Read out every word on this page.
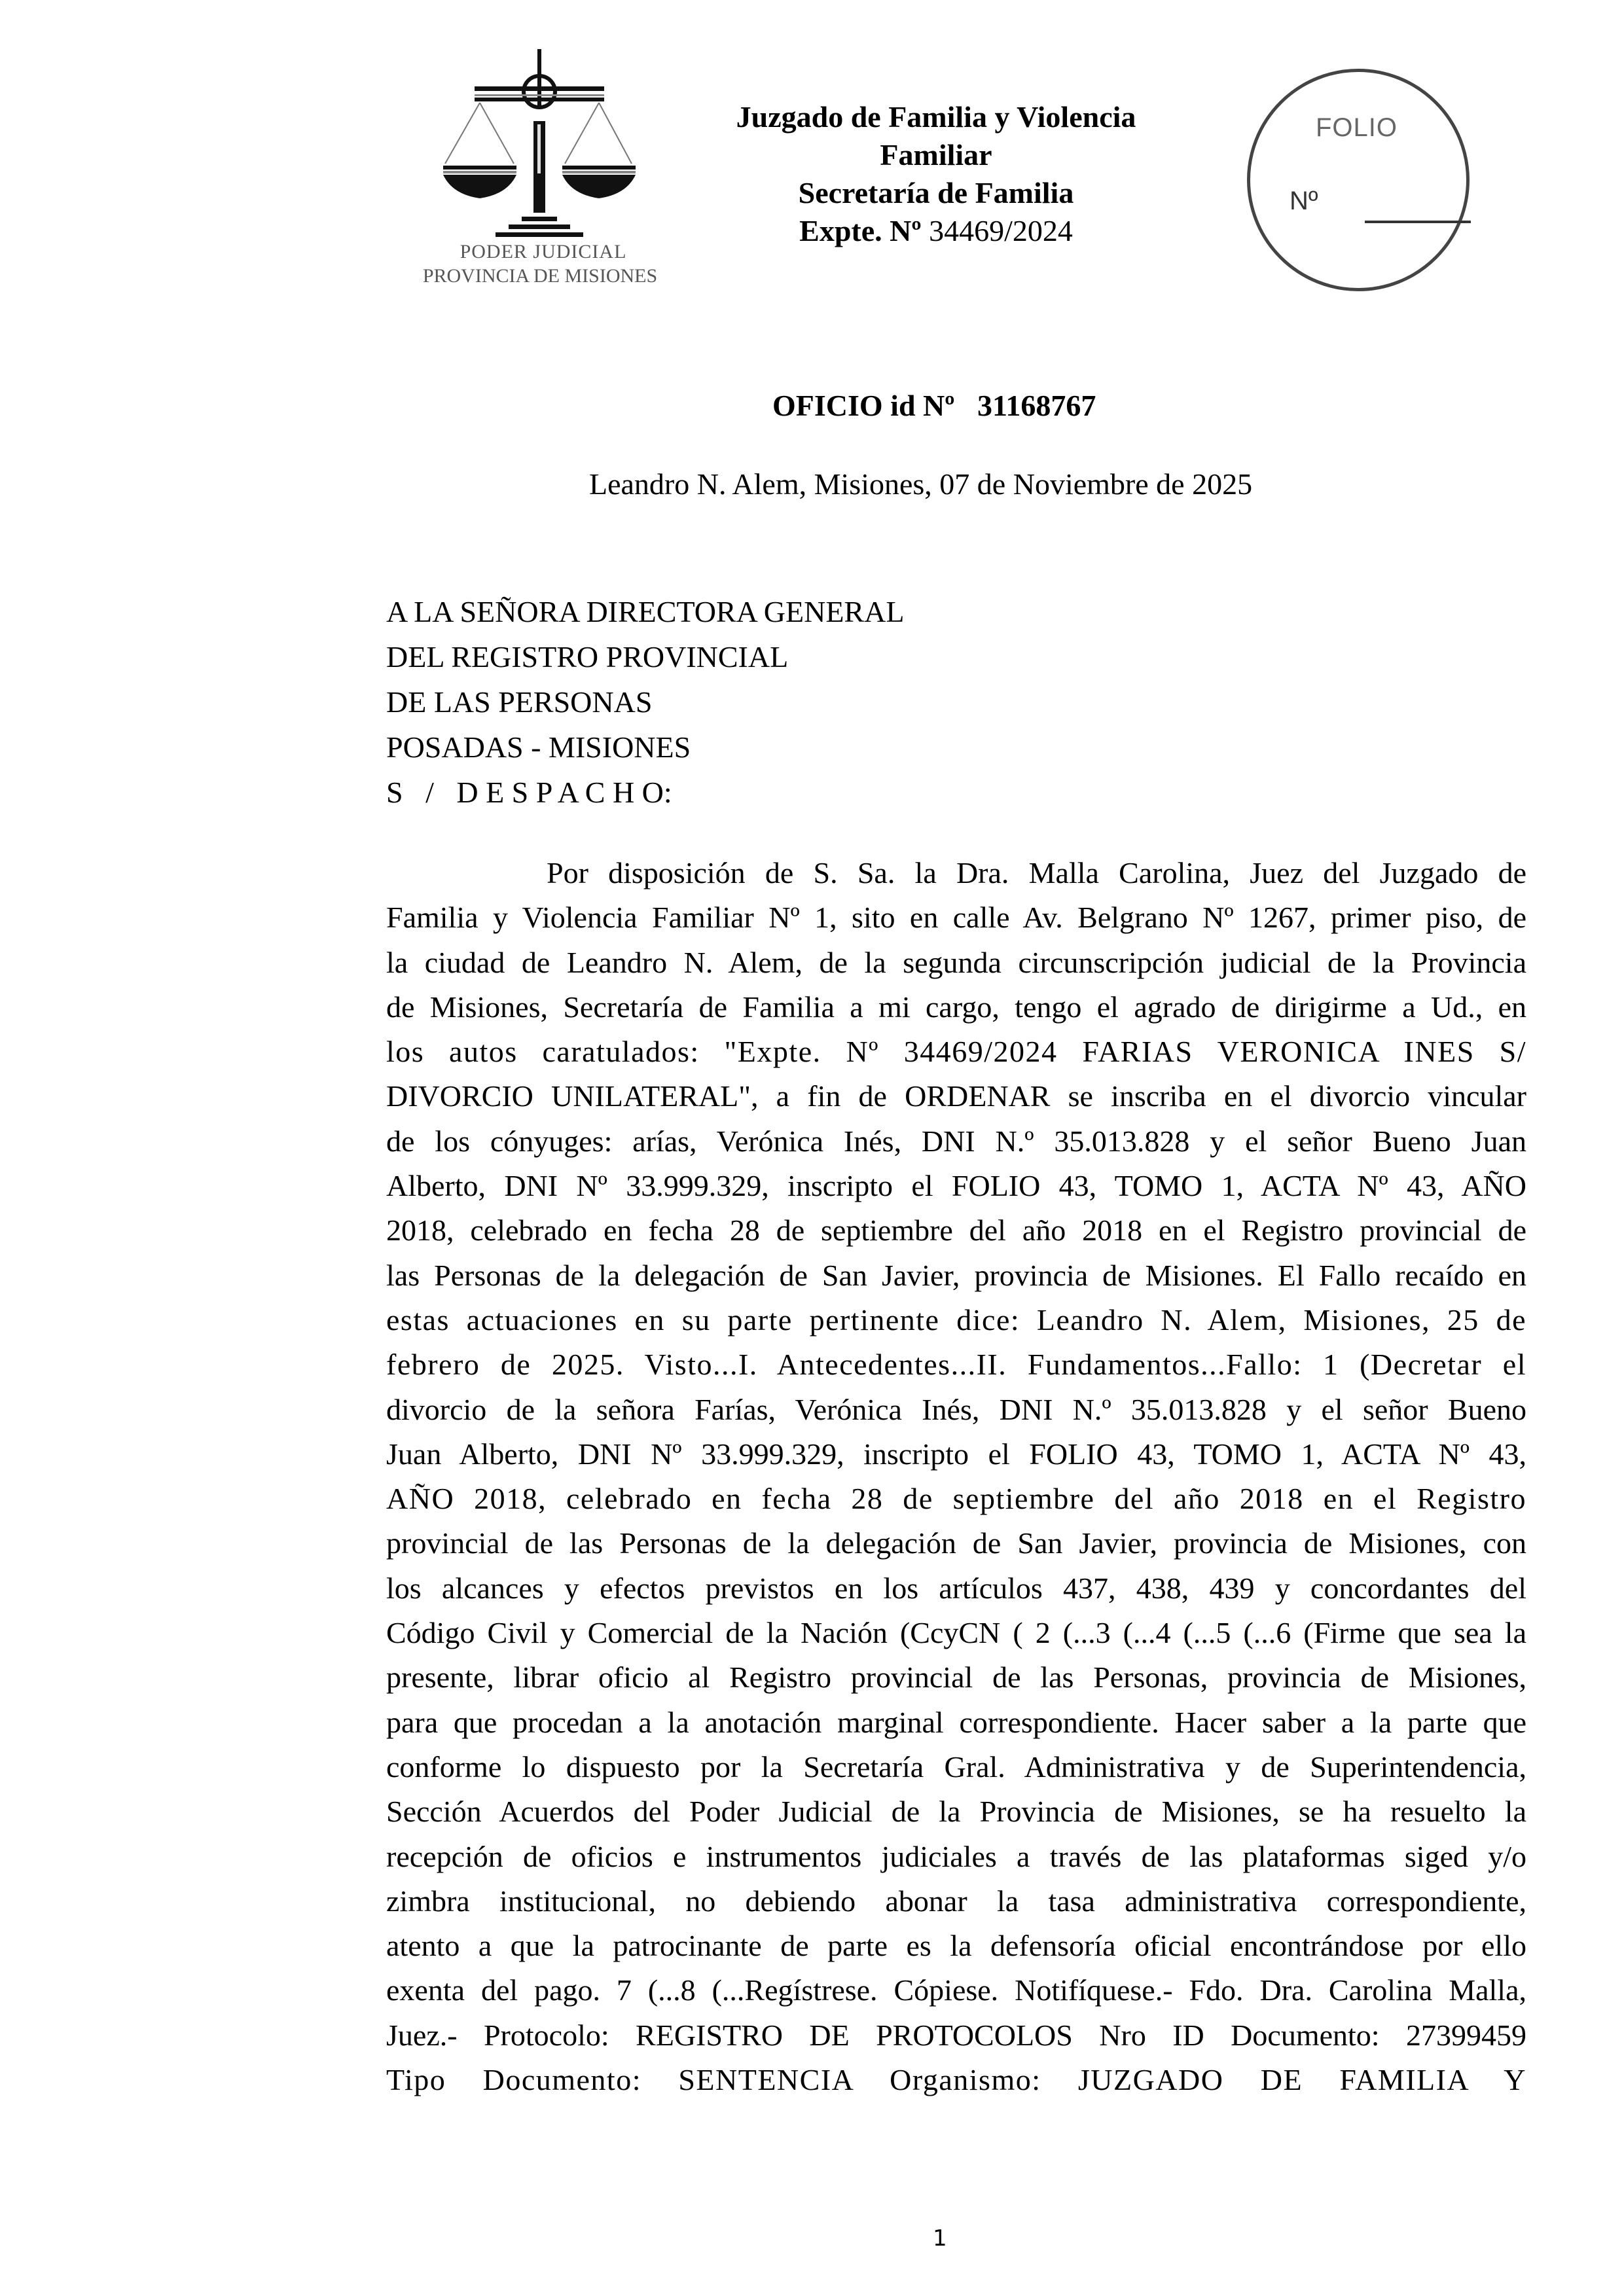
PODER JUDICIAL
PROVINCIA DE MISIONES
Juzgado de Familia y Violencia
Familiar
Secretaría de Familia
Expte. Nº 34469/2024
FOLIO
Nº
OFICIO id Nº 31168767
Leandro N. Alem, Misiones, 07 de Noviembre de 2025
A LA SEÑORA DIRECTORA GENERAL
DEL REGISTRO PROVINCIAL
DE LAS PERSONAS
POSADAS - MISIONES
S   /   D E S P A C H O:
Por disposición de S. Sa. la Dra. Malla Carolina, Juez del Juzgado de
Familia y Violencia Familiar Nº 1, sito en calle Av. Belgrano Nº 1267, primer piso, de
la ciudad de Leandro N. Alem, de la segunda circunscripción judicial de la Provincia
de Misiones, Secretaría de Familia a mi cargo, tengo el agrado de dirigirme a Ud., en
los autos caratulados: "Expte. Nº 34469/2024 FARIAS VERONICA INES S/
DIVORCIO UNILATERAL", a fin de ORDENAR se inscriba en el divorcio vincular
de los cónyuges: arías, Verónica Inés, DNI N.º 35.013.828 y el señor Bueno Juan
Alberto, DNI Nº 33.999.329, inscripto el FOLIO 43, TOMO 1, ACTA Nº 43, AÑO
2018, celebrado en fecha 28 de septiembre del año 2018 en el Registro provincial de
las Personas de la delegación de San Javier, provincia de Misiones. El Fallo recaído en
estas actuaciones en su parte pertinente dice: Leandro N. Alem, Misiones, 25 de
febrero de 2025. Visto...I. Antecedentes...II. Fundamentos...Fallo: 1 (Decretar el
divorcio de la señora Farías, Verónica Inés, DNI N.º 35.013.828 y el señor Bueno
Juan Alberto, DNI Nº 33.999.329, inscripto el FOLIO 43, TOMO 1, ACTA Nº 43,
AÑO 2018, celebrado en fecha 28 de septiembre del año 2018 en el Registro
provincial de las Personas de la delegación de San Javier, provincia de Misiones, con
los alcances y efectos previstos en los artículos 437, 438, 439 y concordantes del
Código Civil y Comercial de la Nación (CcyCN ( 2 (...3 (...4 (...5 (...6 (Firme que sea la
presente, librar oficio al Registro provincial de las Personas, provincia de Misiones,
para que procedan a la anotación marginal correspondiente. Hacer saber a la parte que
conforme lo dispuesto por la Secretaría Gral. Administrativa y de Superintendencia,
Sección Acuerdos del Poder Judicial de la Provincia de Misiones, se ha resuelto la
recepción de oficios e instrumentos judiciales a través de las plataformas siged y/o
zimbra institucional, no debiendo abonar la tasa administrativa correspondiente,
atento a que la patrocinante de parte es la defensoría oficial encontrándose por ello
exenta del pago. 7 (...8 (...Regístrese. Cópiese. Notifíquese.- Fdo. Dra. Carolina Malla,
Juez.- Protocolo: REGISTRO DE PROTOCOLOS Nro ID Documento: 27399459
Tipo Documento: SENTENCIA Organismo: JUZGADO DE FAMILIA Y
1
